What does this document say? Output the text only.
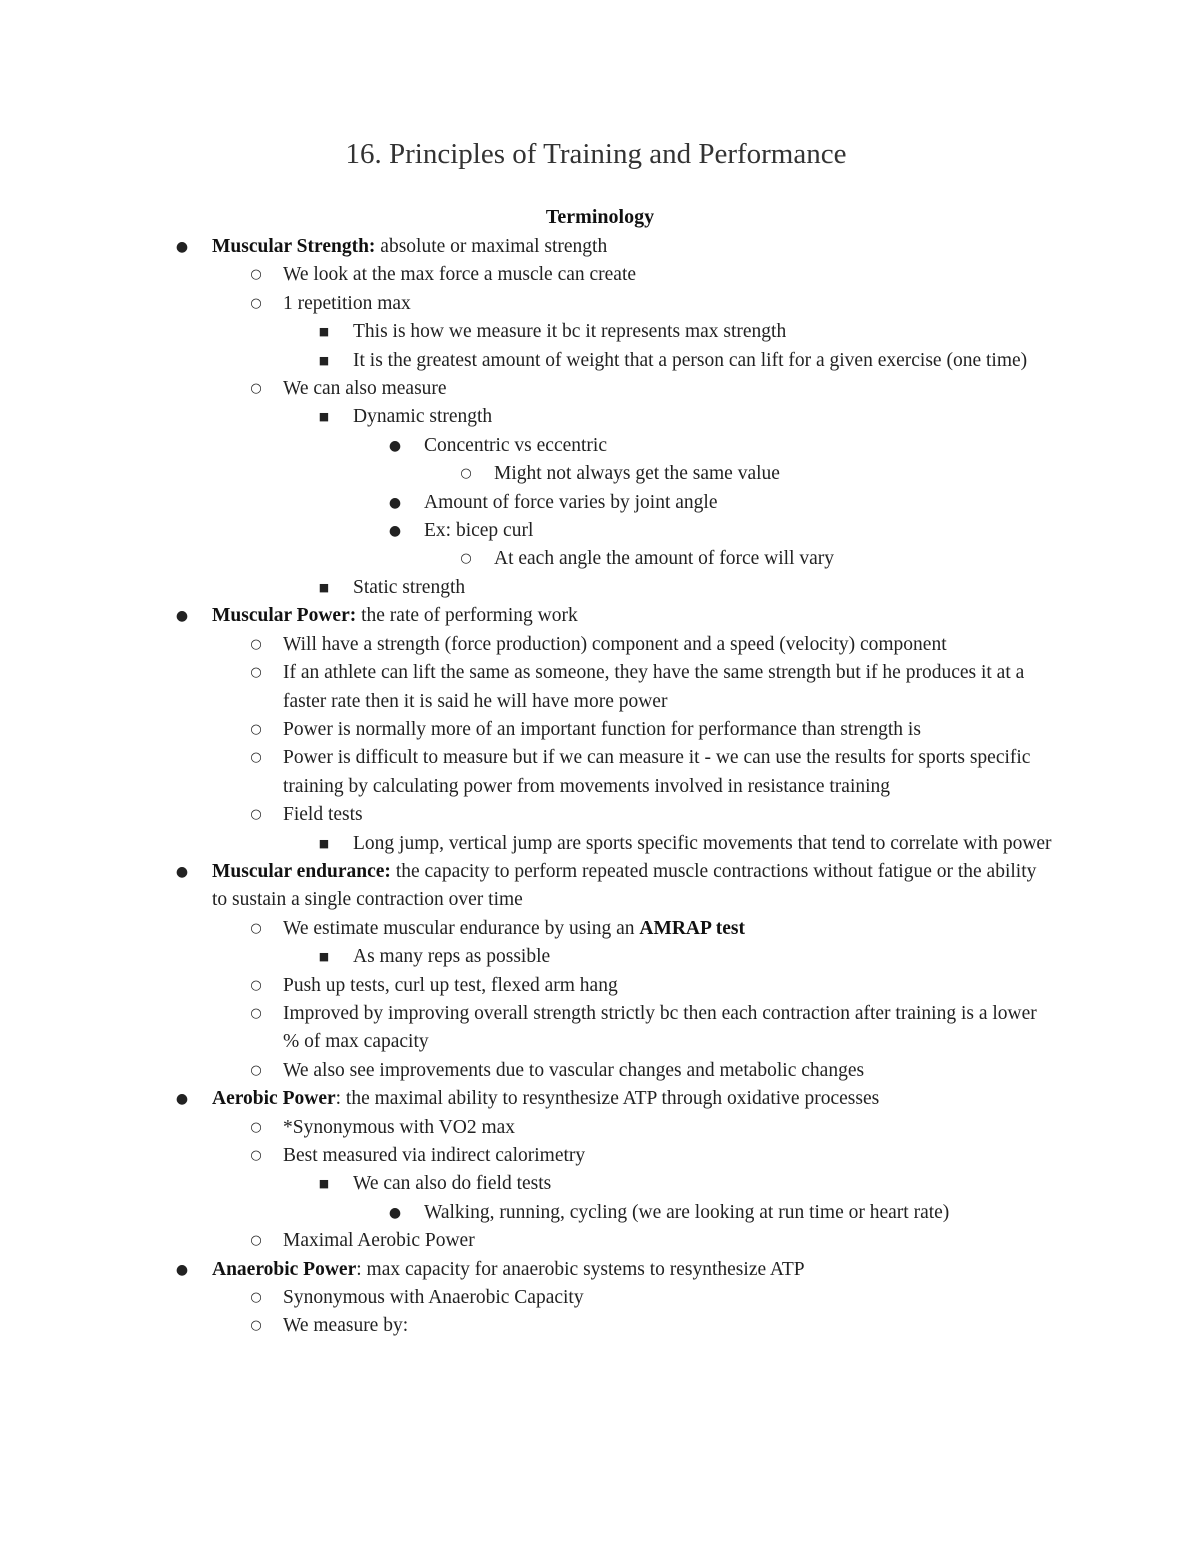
16. Principles of Training and Performance
Terminology
● Muscular Strength: absolute or maximal strength
○ We look at the max force a muscle can create
○ 1 repetition max
■ This is how we measure it bc it represents max strength
■ It is the greatest amount of weight that a person can lift for a given exercise (one time)
○ We can also measure
■ Dynamic strength
● Concentric vs eccentric
○ Might not always get the same value
● Amount of force varies by joint angle
● Ex: bicep curl
○ At each angle the amount of force will vary
■ Static strength
● Muscular Power: the rate of performing work
○ Will have a strength (force production) component and a speed (velocity) component
○ If an athlete can lift the same as someone, they have the same strength but if he produces it at a faster rate then it is said he will have more power
○ Power is normally more of an important function for performance than strength is
○ Power is difficult to measure but if we can measure it - we can use the results for sports specific training by calculating power from movements involved in resistance training
○ Field tests
■ Long jump, vertical jump are sports specific movements that tend to correlate with power
● Muscular endurance: the capacity to perform repeated muscle contractions without fatigue or the ability to sustain a single contraction over time
○ We estimate muscular endurance by using an AMRAP test
■ As many reps as possible
○ Push up tests, curl up test, flexed arm hang
○ Improved by improving overall strength strictly bc then each contraction after training is a lower % of max capacity
○ We also see improvements due to vascular changes and metabolic changes
● Aerobic Power: the maximal ability to resynthesize ATP through oxidative processes
○ *Synonymous with VO2 max
○ Best measured via indirect calorimetry
■ We can also do field tests
● Walking, running, cycling (we are looking at run time or heart rate)
○ Maximal Aerobic Power
● Anaerobic Power: max capacity for anaerobic systems to resynthesize ATP
○ Synonymous with Anaerobic Capacity
○ We measure by:
